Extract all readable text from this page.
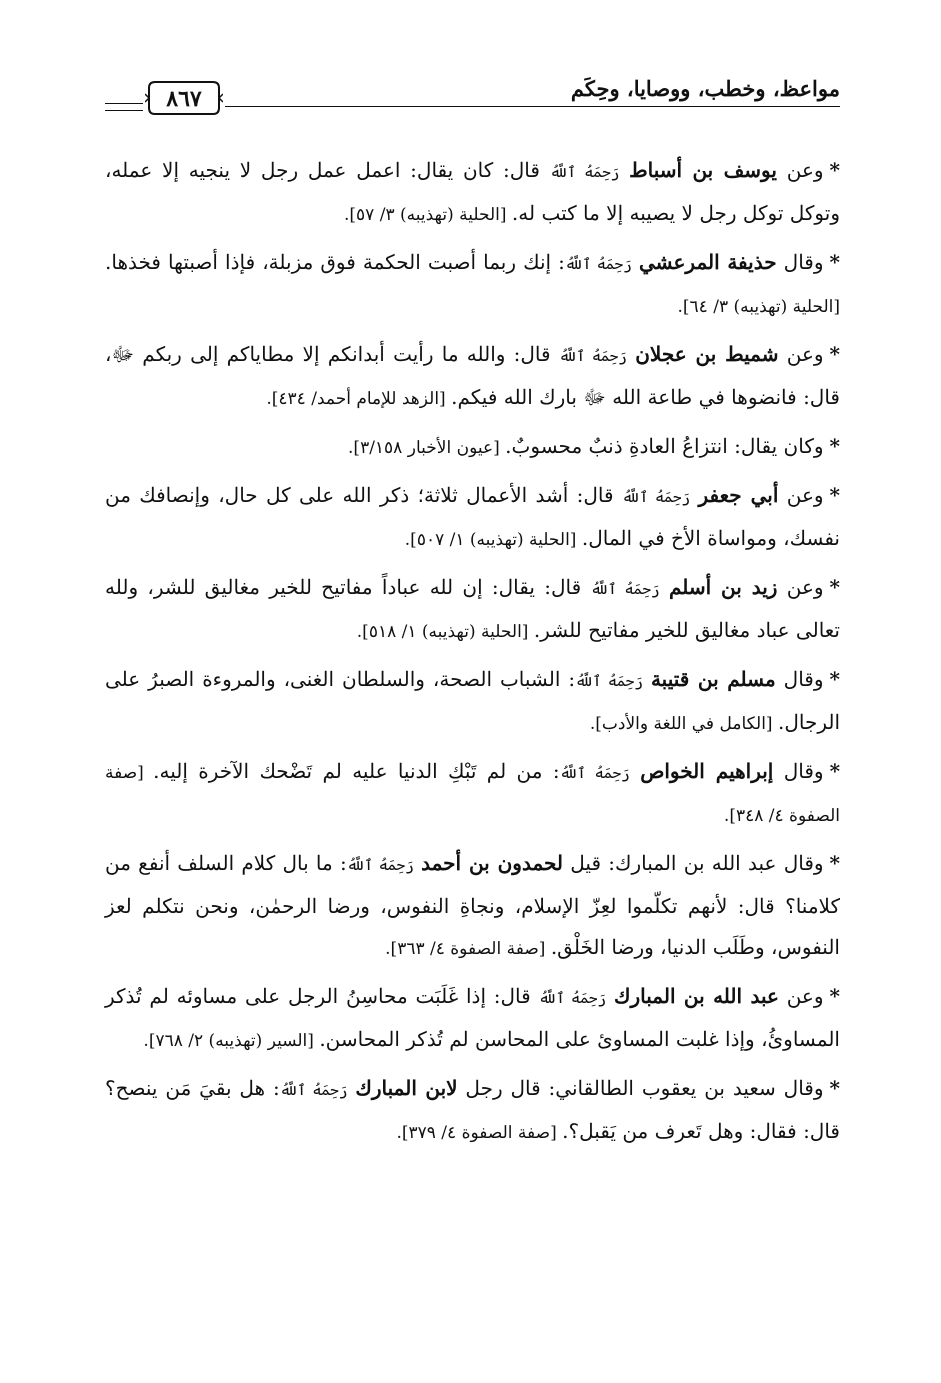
مواعظ، وخطب، ووصايا، وحِكَم
٨٦٧

*وعن يوسف بن أسباط رَحِمَهُ ٱللَّهُ قال: كان يقال: اعمل عمل رجل لا ينجيه إلا عمله، وتوكل توكل رجل لا يصيبه إلا ما كتب له. [الحلية (تهذيبه) ٣/ ٥٧].

*وقال حذيفة المرعشي رَحِمَهُ ٱللَّهُ: إنك ربما أصبت الحكمة فوق مزبلة، فإذا أصبتها فخذها. [الحلية (تهذيبه) ٣/ ٦٤].

*وعن شميط بن عجلان رَحِمَهُ ٱللَّهُ قال: والله ما رأيت أبدانكم إلا مطاياكم إلى ربكم ﷻ، قال: فانضوها في طاعة الله ﷻ بارك الله فيكم. [الزهد للإمام أحمد/ ٤٣٤].

*وكان يقال: انتزاعُ العادةِ ذنبٌ محسوبٌ. [عيون الأخبار ٣/١٥٨].

*وعن أبي جعفر رَحِمَهُ ٱللَّهُ قال: أشد الأعمال ثلاثة؛ ذكر الله على كل حال، وإنصافك من نفسك، ومواساة الأخ في المال. [الحلية (تهذيبه) ١/ ٥٠٧].

*وعن زيد بن أسلم رَحِمَهُ ٱللَّهُ قال: يقال: إن لله عباداً مفاتيح للخير مغاليق للشر، ولله تعالى عباد مغاليق للخير مفاتيح للشر. [الحلية (تهذيبه) ١/ ٥١٨].

*وقال مسلم بن قتيبة رَحِمَهُ ٱللَّهُ: الشباب الصحة، والسلطان الغنى، والمروءة الصبرُ على الرجال. [الكامل في اللغة والأدب].

*وقال إبراهيم الخواص رَحِمَهُ ٱللَّهُ: من لم تَبْكِ الدنيا عليه لم تَضْحك الآخرة إليه. [صفة الصفوة ٤/ ٣٤٨].

*وقال عبد الله بن المبارك: قيل لحمدون بن أحمد رَحِمَهُ ٱللَّهُ: ما بال كلام السلف أنفع من كلامنا؟ قال: لأنهم تكلّموا لعِزّ الإسلام، ونجاةِ النفوس، ورضا الرحمٰن، ونحن نتكلم لعز النفوس، وطَلَب الدنيا، ورضا الخَلْق. [صفة الصفوة ٤/ ٣٦٣].

*وعن عبد الله بن المبارك رَحِمَهُ ٱللَّهُ قال: إذا غَلَبَت محاسِنُ الرجل على مساوئه لم تُذكر المساوئُ، وإذا غلبت المساوئ على المحاسن لم تُذكر المحاسن. [السير (تهذيبه) ٢/ ٧٦٨].

*وقال سعيد بن يعقوب الطالقاني: قال رجل لابن المبارك رَحِمَهُ ٱللَّهُ: هل بقيَ مَن ينصح؟ قال: فقال: وهل تَعرف من يَقبل؟. [صفة الصفوة ٤/ ٣٧٩].
